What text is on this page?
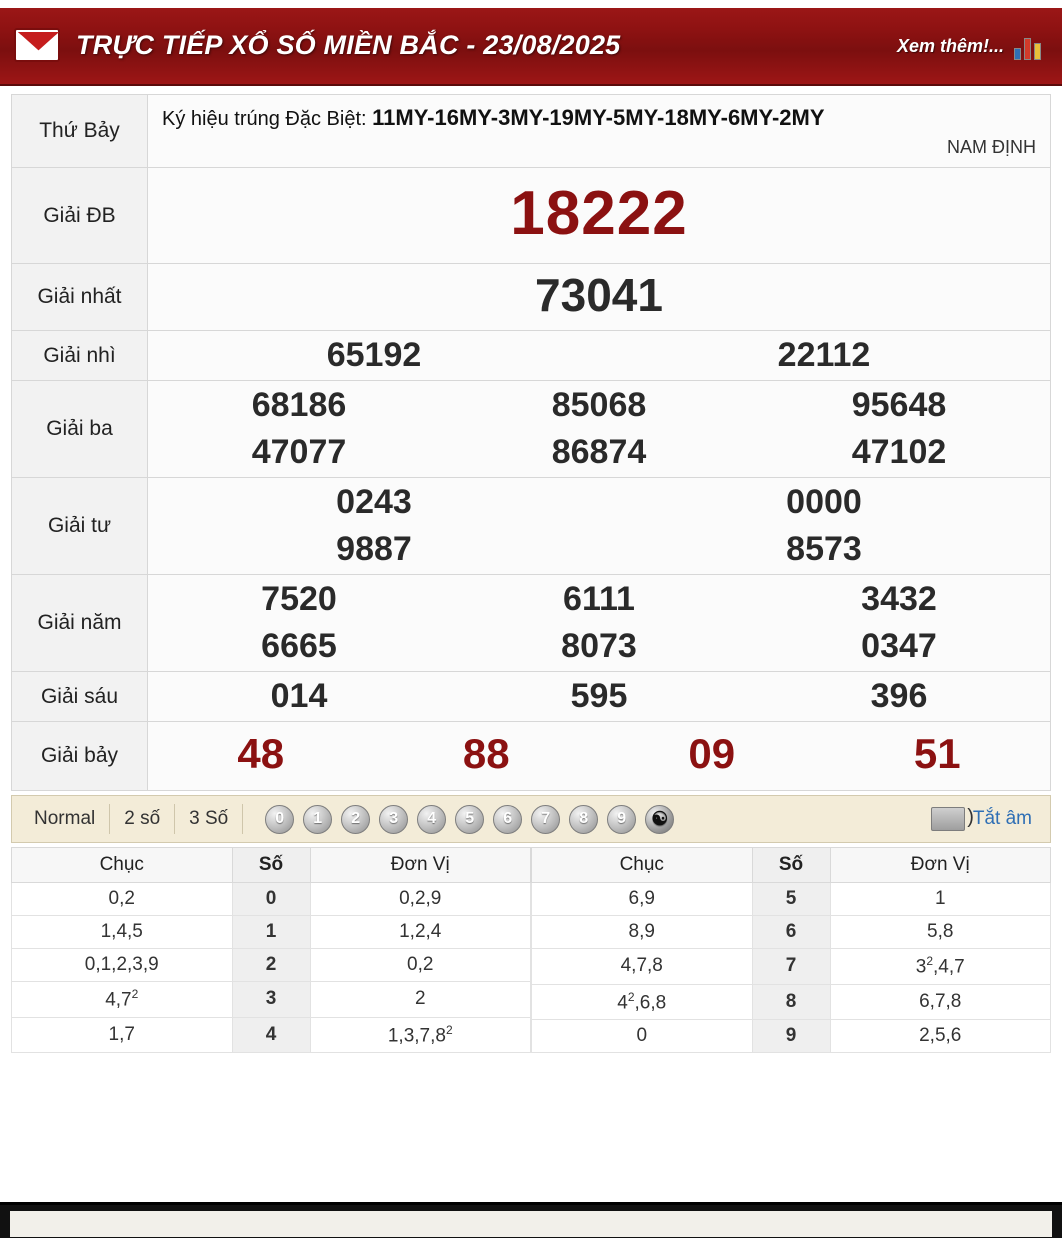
TRỰC TIẾP XỔ SỐ MIỀN BẮC - 23/08/2025	Xem thêm!...
Thứ Bảy	Ký hiệu trúng Đặc Biệt: 11MY-16MY-3MY-19MY-5MY-18MY-6MY-2MY
NAM ĐỊNH

Giải ĐB	18222
Giải nhất	73041
Giải nhì		65192	22112

Giải ba	
68186	85068	95648
47077	86874	47102

Giải tư	
0243	0000
9887	8573

Giải năm	
7520	6111	3432
6665	8073	0347

Giải sáu		014	595	396

Giải bảy		48	88	09	51
Normal	2 số	3 Số	0	1	2	3	4	5	6	7	8	9	☯ )	Tắt âm
Chục	Số	Đơn Vị
0,2	0	0,2,9
1,4,5	1	1,2,4
0,1,2,3,9	2	0,2
$4,7^2$	3	2
1,7	4	1,3,7,8$^2$
Chục	Số	Đơn Vị
6,9	5	1
8,9	6	5,8
4,7,8	7	$3^2,4,7$
$4^2,6,8$	8	6,7,8
0	9	2,5,6
